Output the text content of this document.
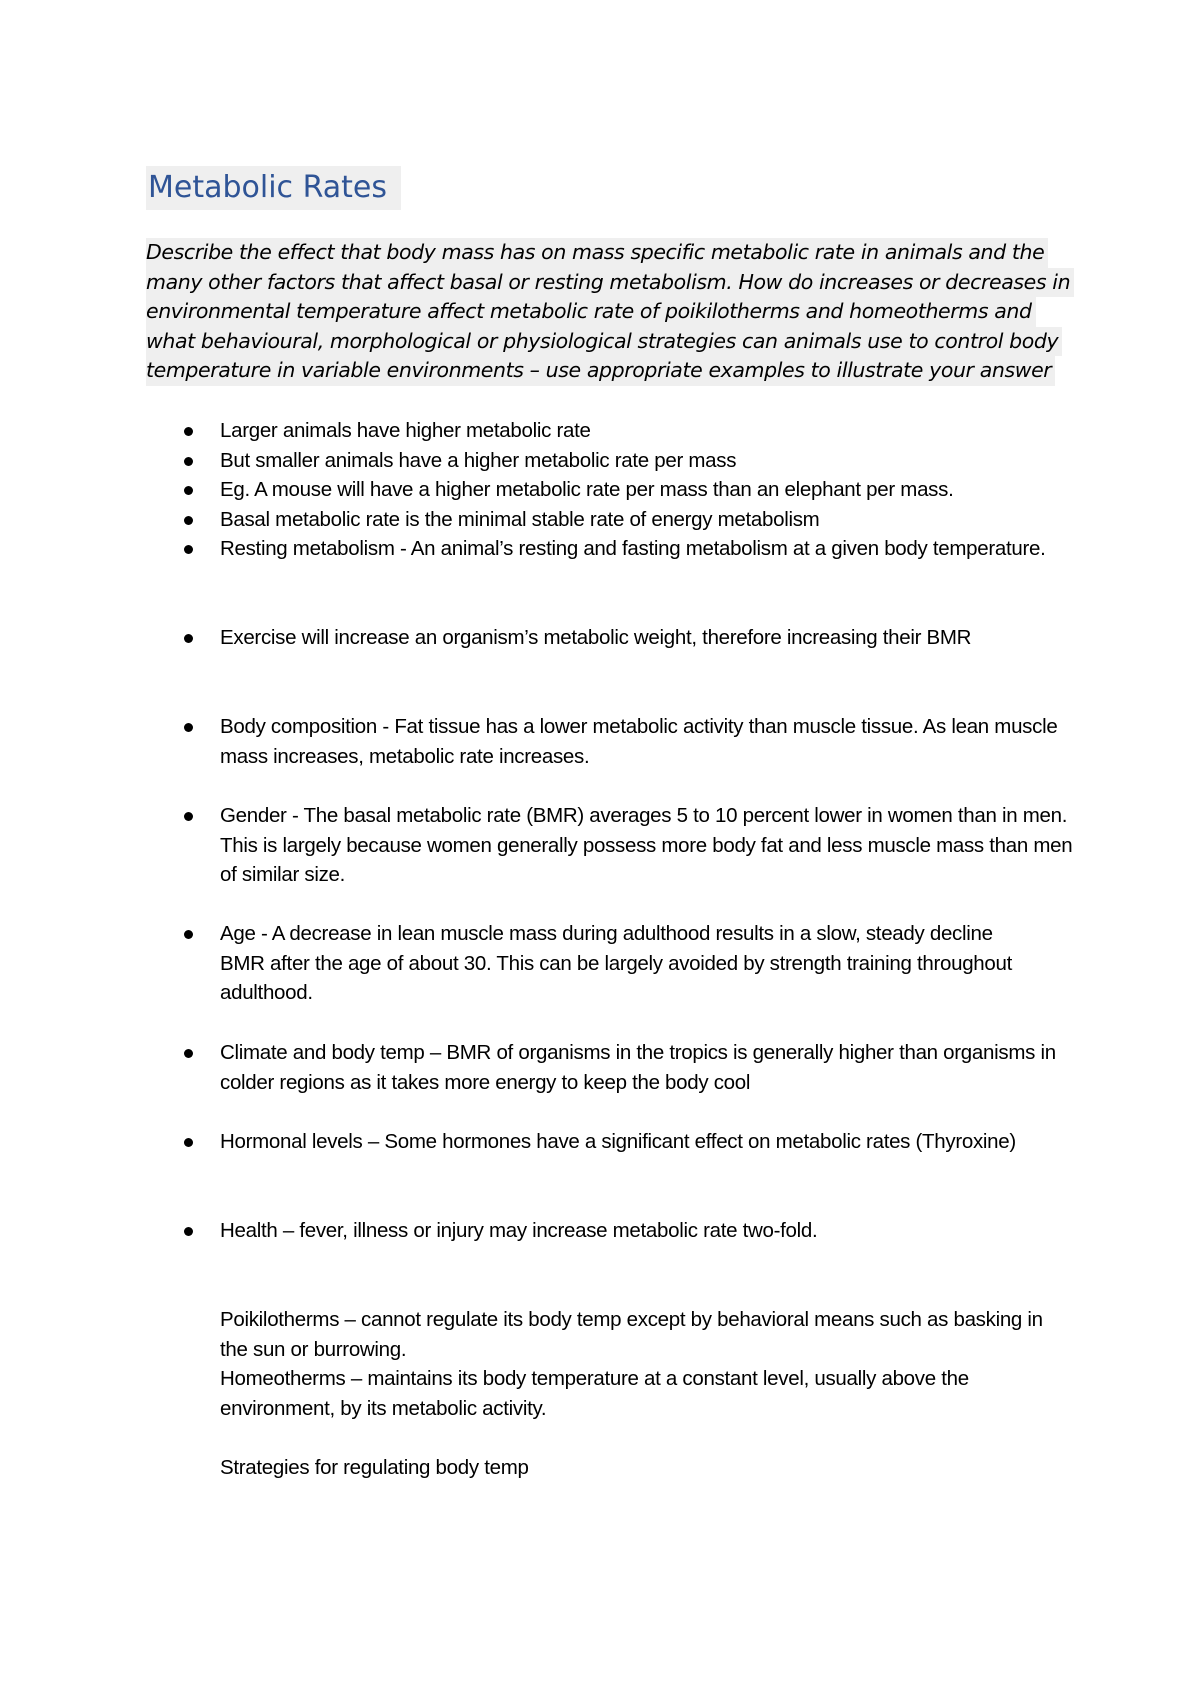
Metabolic Rates
Describe the effect that body mass has on mass specific metabolic rate in animals and the
many other factors that affect basal or resting metabolism. How do increases or decreases in
environmental temperature affect metabolic rate of poikilotherms and homeotherms and
what behavioural, morphological or physiological strategies can animals use to control body
temperature in variable environments – use appropriate examples to illustrate your answer
Larger animals have higher metabolic rate
But smaller animals have a higher metabolic rate per mass
Eg. A mouse will have a higher metabolic rate per mass than an elephant per mass.
Basal metabolic rate is the minimal stable rate of energy metabolism
Resting metabolism - An animal’s resting and fasting metabolism at a given body temperature.
Exercise will increase an organism’s metabolic weight, therefore increasing their BMR
Body composition - Fat tissue has a lower metabolic activity than muscle tissue. As lean muscle mass increases, metabolic rate increases.
Gender - The basal metabolic rate (BMR) averages 5 to 10 percent lower in women than in men. This is largely because women generally possess more body fat and less muscle mass than men of similar size.
Age - A decrease in lean muscle mass during adulthood results in a slow, steady decline BMR after the age of about 30. This can be largely avoided by strength training throughout adulthood.
Climate and body temp – BMR of organisms in the tropics is generally higher than organisms in colder regions as it takes more energy to keep the body cool
Hormonal levels – Some hormones have a significant effect on metabolic rates (Thyroxine)
Health – fever, illness or injury may increase metabolic rate two-fold.
Poikilotherms – cannot regulate its body temp except by behavioral means such as basking in the sun or burrowing.
Homeotherms – maintains its body temperature at a constant level, usually above the environment, by its metabolic activity.
Strategies for regulating body temp
